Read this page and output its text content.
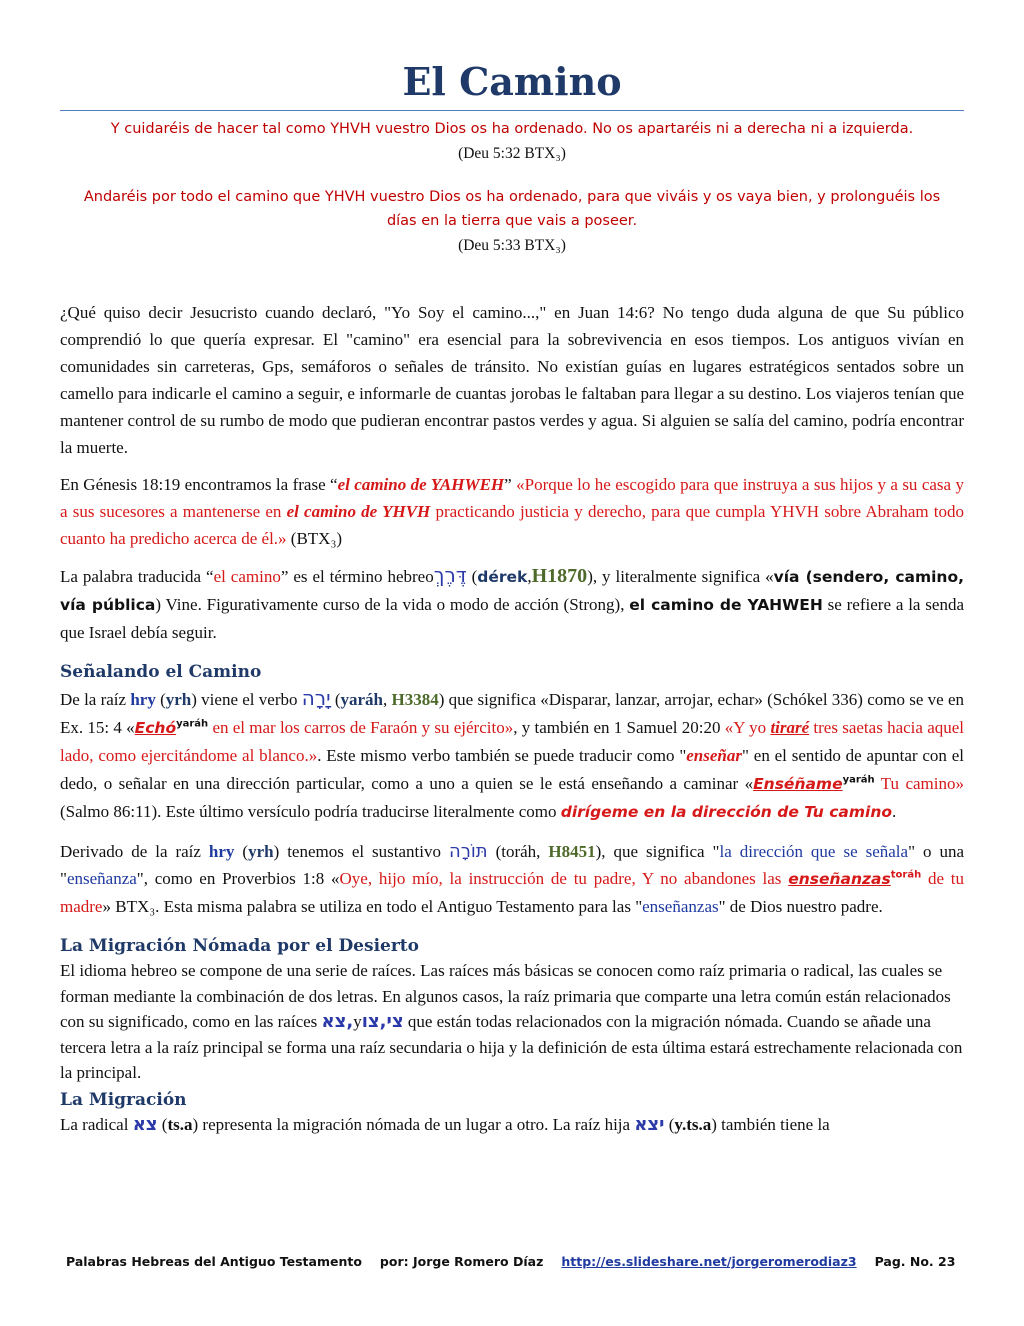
El Camino

Y cuidaréis de hacer tal como YHVH vuestro Dios os ha ordenado. No os apartaréis ni a derecha ni a izquierda.

(Deu 5:32 BTX₃)

Andaréis por todo el camino que YHVH vuestro Dios os ha ordenado, para que viváis y os vaya bien, y prolonguéis los días en la tierra que vais a poseer.

(Deu 5:33 BTX₃)

¿Qué quiso decir Jesucristo cuando declaró, "Yo Soy el camino...," en Juan 14:6? No tengo duda alguna de que Su público comprendió lo que quería expresar. El "camino" era esencial para la sobrevivencia en esos tiempos. Los antiguos vivían en comunidades sin carreteras, Gps, semáforos o señales de tránsito. No existían guías en lugares estratégicos sentados sobre un camello para indicarle el camino a seguir, e informarle de cuantas jorobas le faltaban para llegar a su destino. Los viajeros tenían que mantener control de su rumbo de modo que pudieran encontrar pastos verdes y agua. Si alguien se salía del camino, podría encontrar la muerte.

En Génesis 18:19 encontramos la frase “el camino de YAHWEH” «Porque lo he escogido para que instruya a sus hijos y a su casa y a sus sucesores a mantenerse en el camino de YHVH practicando justicia y derecho, para que cumpla YHVH sobre Abraham todo cuanto ha predicho acerca de él.» (BTX₃)

La palabra traducida “el camino” es el término hebreoדֶּרֶךְ (dérek,H1870), y literalmente significa «vía (sendero, camino, vía pública) Vine. Figurativamente curso de la vida o modo de acción (Strong), el camino de YAHWEH se refiere a la senda que Israel debía seguir.

Señalando el Camino

De la raíz hry (yrh) viene el verbo יָרָה (yaráh, H3384) que significa «Disparar, lanzar, arrojar, echar» (Schókel 336) como se ve en Ex. 15: 4 «Echó$^{yaráh}$ en el mar los carros de Faraón y su ejército», y también en 1 Samuel 20:20 «Y yo tiraré tres saetas hacia aquel lado, como ejercitándome al blanco.». Este mismo verbo también se puede traducir como "enseñar" en el sentido de apuntar con el dedo, o señalar en una dirección particular, como a uno a quien se le está enseñando a caminar «Enséñame$^{yaráh}$ Tu camino» (Salmo 86:11). Este último versículo podría traducirse literalmente como dirígeme en la dirección de Tu camino.

Derivado de la raíz hry (yrh) tenemos el sustantivo תּוֹרָה (toráh, H8451), que significa "la dirección que se señala" o una "enseñanza", como en Proverbios 1:8 «Oye, hijo mío, la instrucción de tu padre, Y no abandones las enseñanzas$^{toráh}$ de tu madre» BTX₃. Esta misma palabra se utiliza en todo el Antiguo Testamento para las "enseñanzas" de Dios nuestro padre.

La Migración Nómada por el Desierto

El idioma hebreo se compone de una serie de raíces. Las raíces más básicas se conocen como raíz primaria o radical, las cuales se forman mediante la combinación de dos letras. En algunos casos, la raíz primaria que comparte una letra común están relacionados con su significado, como en las raíces צא,yצי,צו que están todas relacionados con la migración nómada. Cuando se añade una tercera letra a la raíz principal se forma una raíz secundaria o hija y la definición de esta última estará estrechamente relacionada con la principal.

La Migración

La radical צא (ts.a) representa la migración nómada de un lugar a otro. La raíz hija יצא (y.ts.a) también tiene la

Palabras Hebreas del Antiguo Testamento por: Jorge Romero Díaz http://es.slideshare.net/jorgeromerodiaz3 Pag. No. 23
